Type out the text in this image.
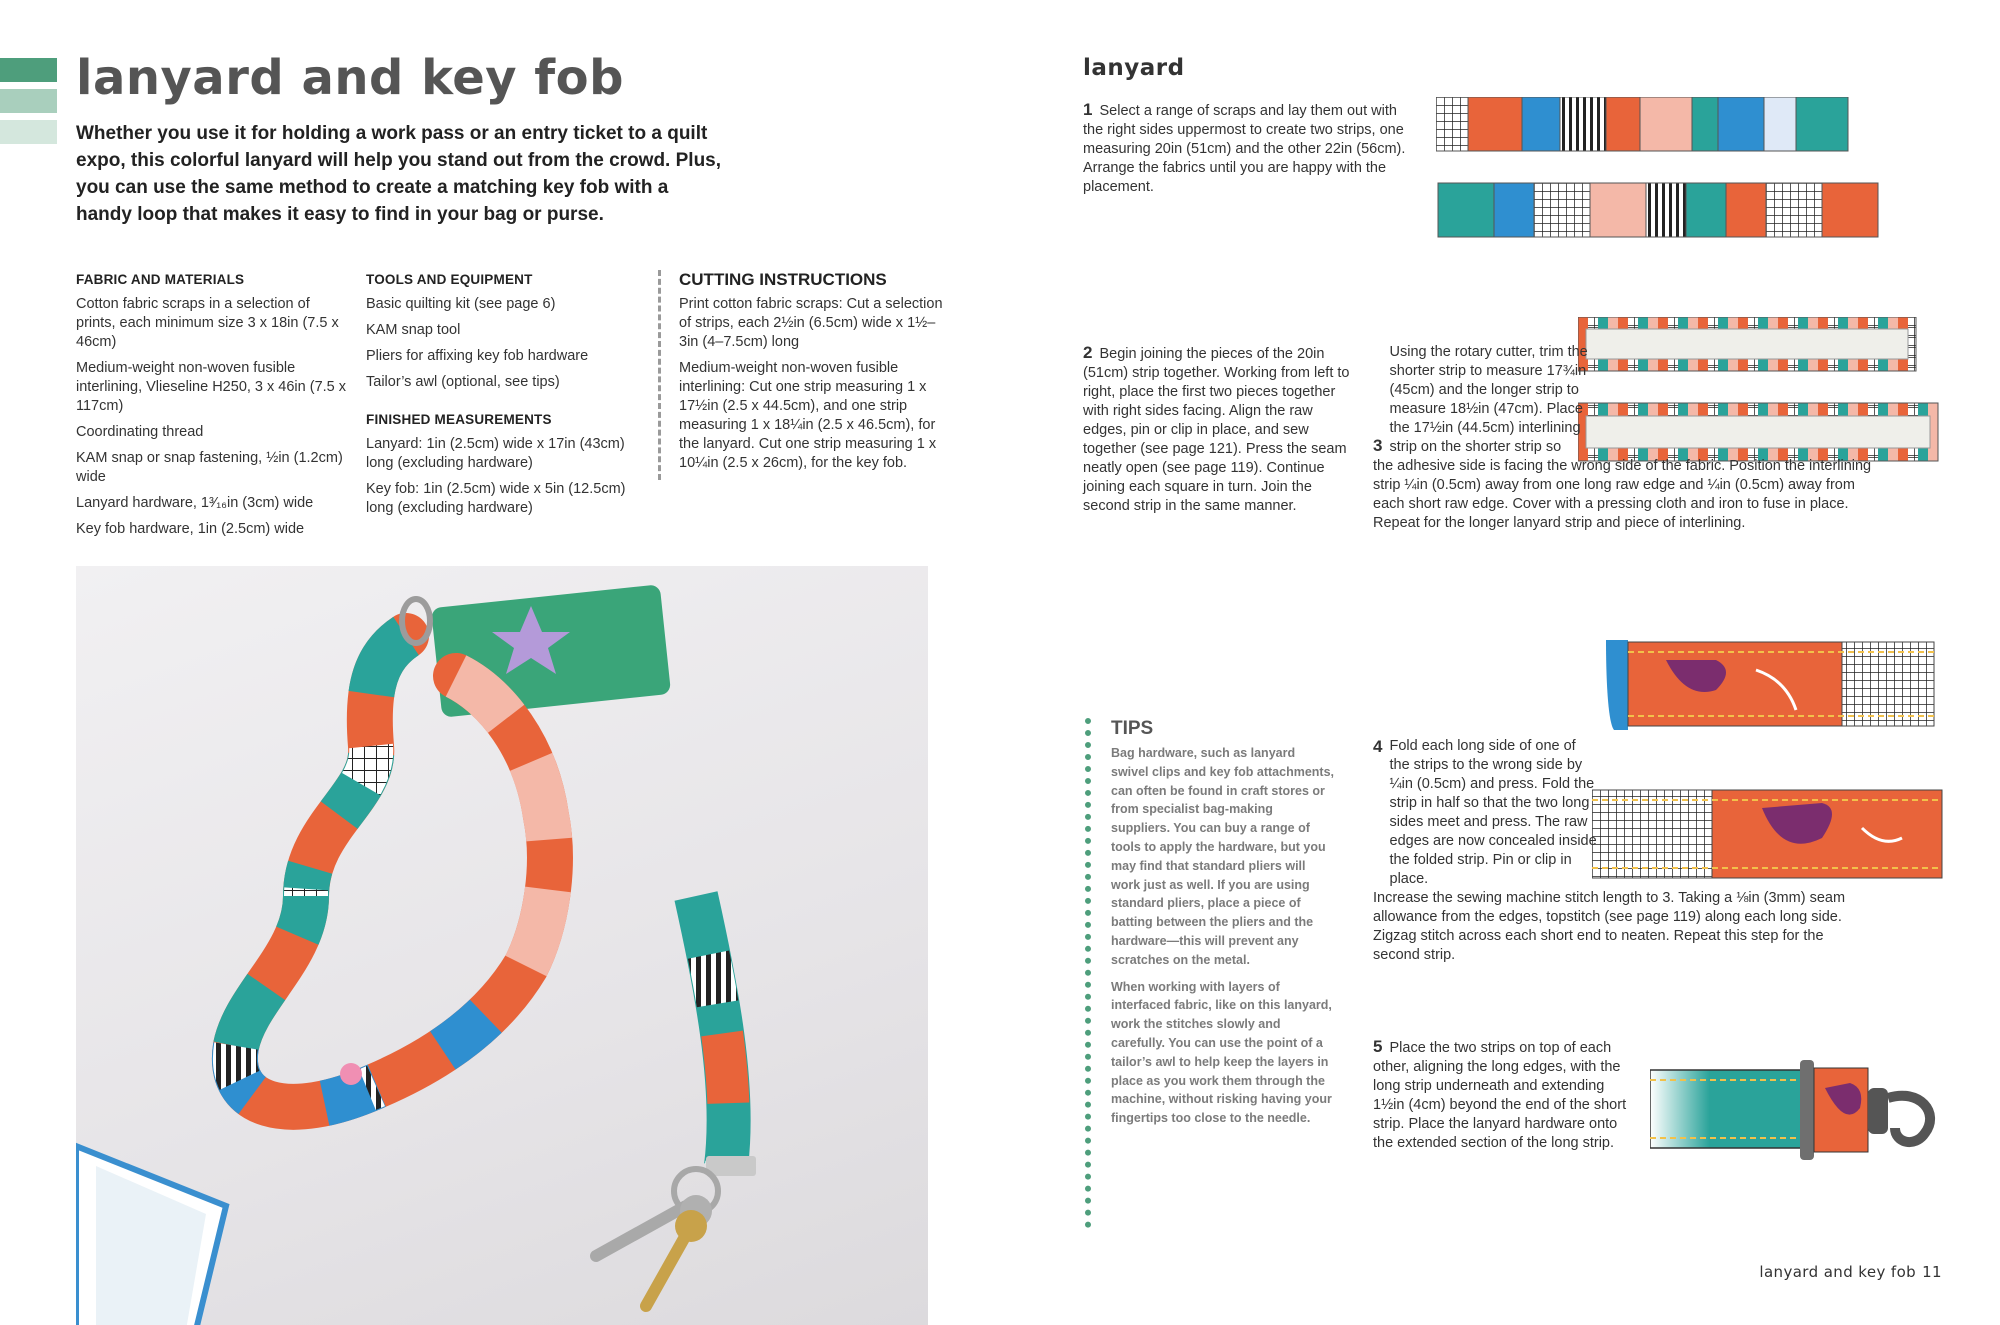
lanyard and key fob

Whether you use it for holding a work pass or an entry ticket to a quilt expo, this colorful lanyard will help you stand out from the crowd. Plus, you can use the same method to create a matching key fob with a handy loop that makes it easy to find in your bag or purse.

FABRIC AND MATERIALS

Cotton fabric scraps in a selection of prints, each minimum size 3 x 18in (7.5 x 46cm)

Medium-weight non-woven fusible interlining, Vlieseline H250, 3 x 46in (7.5 x 117cm)

Coordinating thread

KAM snap or snap fastening, ½in (1.2cm) wide

Lanyard hardware, 1³⁄₁₆in (3cm) wide

Key fob hardware, 1in (2.5cm) wide

TOOLS AND EQUIPMENT

Basic quilting kit (see page 6)

KAM snap tool

Pliers for affixing key fob hardware

Tailor’s awl (optional, see tips)

FINISHED MEASUREMENTS

Lanyard: 1in (2.5cm) wide x 17in (43cm) long (excluding hardware)

Key fob: 1in (2.5cm) wide x 5in (12.5cm) long (excluding hardware)

CUTTING INSTRUCTIONS

Print cotton fabric scraps: Cut a selection of strips, each 2½in (6.5cm) wide x 1½–3in (4–7.5cm) long

Medium-weight non-woven fusible interlining: Cut one strip measuring 1 x 17½in (2.5 x 44.5cm), and one strip measuring 1 x 18¼in (2.5 x 46.5cm), for the lanyard. Cut one strip measuring 1 x 10¼in (2.5 x 26cm), for the key fob.

lanyard
1 Select a range of scraps and lay them out with the right sides uppermost to create two strips, one measuring 20in (51cm) and the other 22in (56cm). Arrange the fabrics until you are happy with the placement.
2 Begin joining the pieces of the 20in (51cm) strip together. Working from left to right, place the first two pieces together with right sides facing. Align the raw edges, pin or clip in place, and sew together (see page 121). Press the seam neatly open (see page 119). Continue joining each square in turn. Join the second strip in the same manner.
3 Using the rotary cutter, trim the shorter strip to measure 17¾in (45cm) and the longer strip to measure 18½in (47cm). Place the 17½in (44.5cm) interlining strip on the shorter strip so
the adhesive side is facing the wrong side of the fabric. Position the interlining strip ¼in (0.5cm) away from one long raw edge and ¼in (0.5cm) away from each short raw edge. Cover with a pressing cloth and iron to fuse in place. Repeat for the longer lanyard strip and piece of interlining.
TIPS

Bag hardware, such as lanyard swivel clips and key fob attachments, can often be found in craft stores or from specialist bag-making suppliers. You can buy a range of tools to apply the hardware, but you may find that standard pliers will work just as well. If you are using standard pliers, place a piece of batting between the pliers and the hardware—this will prevent any scratches on the metal.

When working with layers of interfaced fabric, like on this lanyard, work the stitches slowly and carefully. You can use the point of a tailor’s awl to help keep the layers in place as you work them through the machine, without risking having your fingertips too close to the needle.

4 Fold each long side of one of the strips to the wrong side by ¼in (0.5cm) and press. Fold the strip in half so that the two long sides meet and press. The raw edges are now concealed inside the folded strip. Pin or clip in place.
Increase the sewing machine stitch length to 3. Taking a ⅛in (3mm) seam allowance from the edges, topstitch (see page 119) along each long side. Zigzag stitch across each short end to neaten. Repeat this step for the second strip.
5 Place the two strips on top of each other, aligning the long edges, with the long strip underneath and extending 1½in (4cm) beyond the end of the short strip. Place the lanyard hardware onto the extended section of the long strip.
lanyard and key fob 11
